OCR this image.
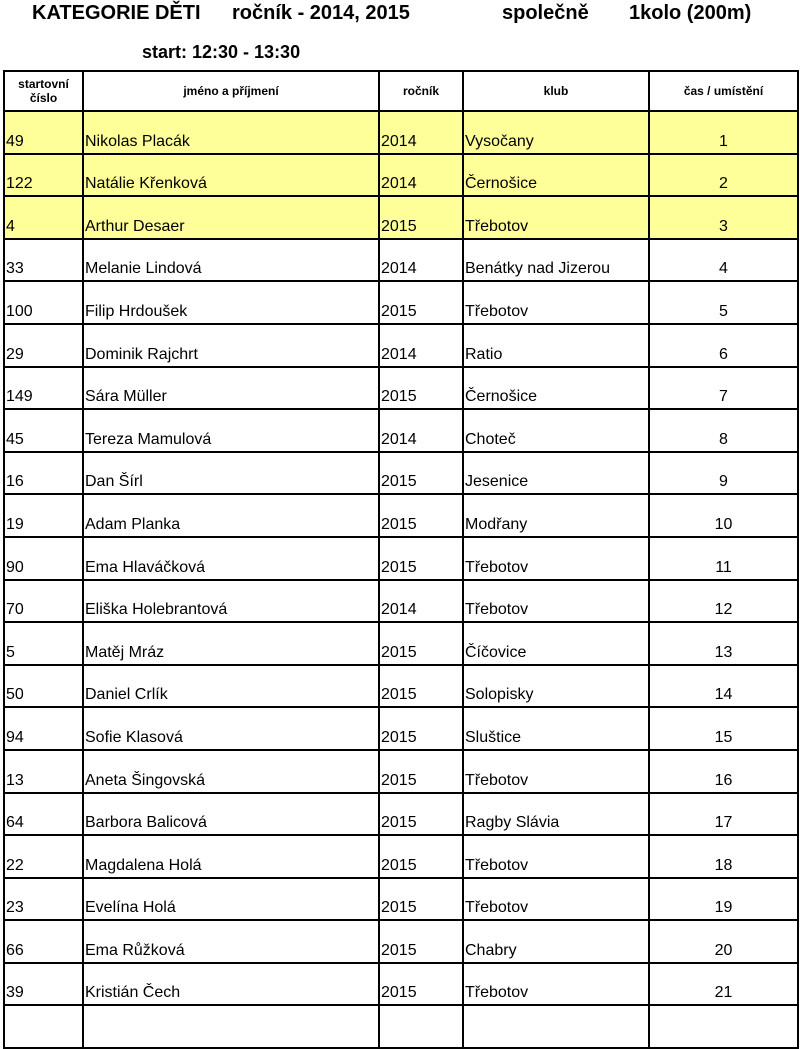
KATEGORIE DĚTI ročník - 2014, 2015	společně 1kolo (200m)
start: 12:30 - 13:30
startovní
číslo	jméno a příjmení	ročník	klub	čas / umístění
49	Nikolas Placák	2014	Vysočany	1
122	Natálie Křenková	2014	Černošice	2
4	Arthur Desaer	2015	Třebotov	3
33	Melanie Lindová	2014	Benátky nad Jizerou	4
100	Filip Hrdoušek	2015	Třebotov	5
29	Dominik Rajchrt	2014	Ratio	6
149	Sára Müller	2015	Černošice	7
45	Tereza Mamulová	2014	Choteč	8
16	Dan Šírl	2015	Jesenice	9
19	Adam Planka	2015	Modřany	10
90	Ema Hlaváčková	2015	Třebotov	11
70	Eliška Holebrantová	2014	Třebotov	12
5	Matěj Mráz	2015	Číčovice	13
50	Daniel Crlík	2015	Solopisky	14
94	Sofie Klasová	2015	Sluštice	15
13	Aneta Šingovská	2015	Třebotov	16
64	Barbora Balicová	2015	Ragby Slávia	17
22	Magdalena Holá	2015	Třebotov	18
23	Evelína Holá	2015	Třebotov	19
66	Ema Růžková	2015	Chabry	20
39	Kristián Čech	2015	Třebotov	21
